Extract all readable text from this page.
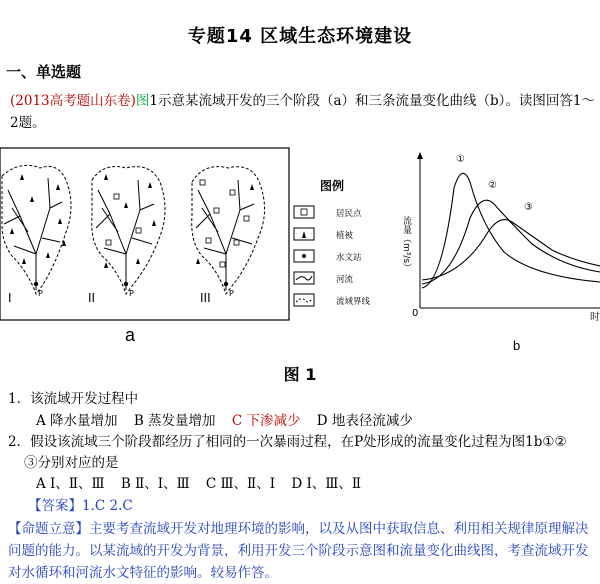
专题14 区域生态环境建设
一、单选题
(2013高考题山东卷)图1示意某流域开发的三个阶段（a）和三条流量变化曲线（b）。读图回答1～2题。
P
I	P
II	P
III
图例
居民点
植被
水文站
河流
流域界线
a
流量（m³/s）
0	时
①
②
③
b
图 1
1．该流域开发过程中
A 降水量增加 B 蒸发量增加 C 下渗减少 D 地表径流减少
2．假设该流域三个阶段都经历了相同的一次暴雨过程，在P处形成的流量变化过程为图1b①②
③分别对应的是
A Ⅰ、Ⅱ、Ⅲ B Ⅱ、Ⅰ、Ⅲ C Ⅲ、Ⅱ、Ⅰ D Ⅰ、Ⅲ、Ⅱ
【答案】1.C 2.C
【命题立意】主要考查流域开发对地理环境的影响，以及从图中获取信息、利用相关规律原理解决问题的能力。以某流域的开发为背景，利用开发三个阶段示意图和流量变化曲线图，考查流域开发对水循环和河流水文特征的影响。较易作答。
